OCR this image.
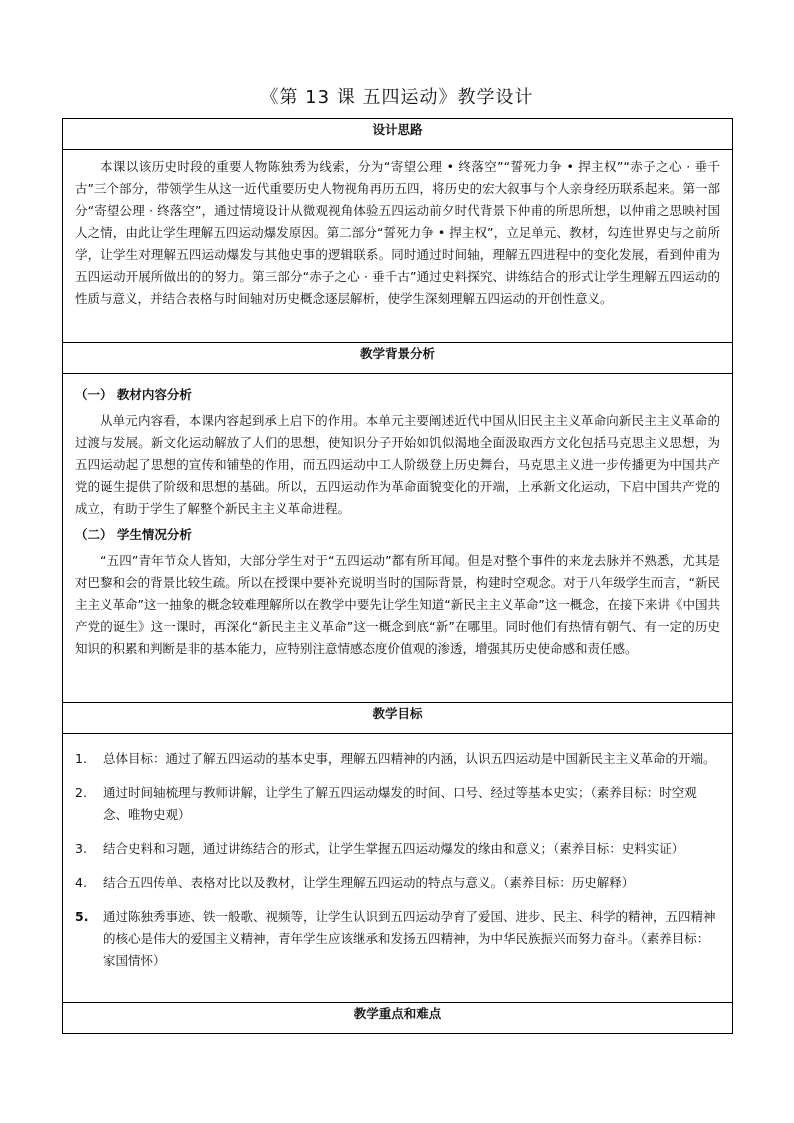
《第 13 课 五四运动》教学设计
设计思路

本课以该历史时段的重要人物陈独秀为线索，分为“寄望公理 • 终落空”“誓死力争 • 捍主权”“赤子之心 · 垂千古”三个部分，带领学生从这一近代重要历史人物视角再历五四，将历史的宏大叙事与个人亲身经历联系起来。第一部分“寄望公理 · 终落空”，通过情境设计从微观视角体验五四运动前夕时代背景下仲甫的所思所想，以仲甫之思映衬国人之情，由此让学生理解五四运动爆发原因。第二部分“誓死力争 • 捍主权”，立足单元、教材，勾连世界史与之前所学，让学生对理解五四运动爆发与其他史事的逻辑联系。同时通过时间轴，理解五四进程中的变化发展，看到仲甫为五四运动开展所做出的的努力。第三部分“赤子之心 · 垂千古”通过史料探究、讲练结合的形式让学生理解五四运动的性质与意义，并结合表格与时间轴对历史概念逐层解析，使学生深刻理解五四运动的开创性意义。

教学背景分析

（一） 教材内容分析

从单元内容看，本课内容起到承上启下的作用。本单元主要阐述近代中国从旧民主主义革命向新民主主义革命的过渡与发展。新文化运动解放了人们的思想，使知识分子开始如饥似渴地全面汲取西方文化包括马克思主义思想，为五四运动起了思想的宣传和铺垫的作用，而五四运动中工人阶级登上历史舞台，马克思主义进一步传播更为中国共产党的诞生提供了阶级和思想的基础。所以，五四运动作为革命面貌变化的开端，上承新文化运动，下启中国共产党的成立，有助于学生了解整个新民主主义革命进程。

（二） 学生情况分析

“五四”青年节众人皆知，大部分学生对于“五四运动”都有所耳闻。但是对整个事件的来龙去脉并不熟悉，尤其是对巴黎和会的背景比较生疏。所以在授课中要补充说明当时的国际背景，构建时空观念。对于八年级学生而言，“新民主主义革命”这一抽象的概念较难理解所以在教学中要先让学生知道“新民主主义革命”这一概念，在接下来讲《中国共产党的诞生》这一课时，再深化“新民主主义革命”这一概念到底“新”在哪里。同时他们有热情有朝气、有一定的历史知识的积累和判断是非的基本能力，应特别注意情感态度价值观的渗透，增强其历史使命感和责任感。

教学目标

1. 总体目标：通过了解五四运动的基本史事，理解五四精神的内涵，认识五四运动是中国新民主主义革命的开端。
2. 通过时间轴梳理与教师讲解，让学生了解五四运动爆发的时间、口号、经过等基本史实；（素养目标：时空观念、唯物史观）
3. 结合史料和习题，通过讲练结合的形式，让学生掌握五四运动爆发的缘由和意义；（素养目标：史料实证）
4. 结合五四传单、表格对比以及教材，让学生理解五四运动的特点与意义。（素养目标：历史解释）
5. 通过陈独秀事迹、铁一般歌、视频等，让学生认识到五四运动孕育了爱国、进步、民主、科学的精神，五四精神的核心是伟大的爱国主义精神，青年学生应该继承和发扬五四精神，为中华民族振兴而努力奋斗。（素养目标：家国情怀）

教学重点和难点
